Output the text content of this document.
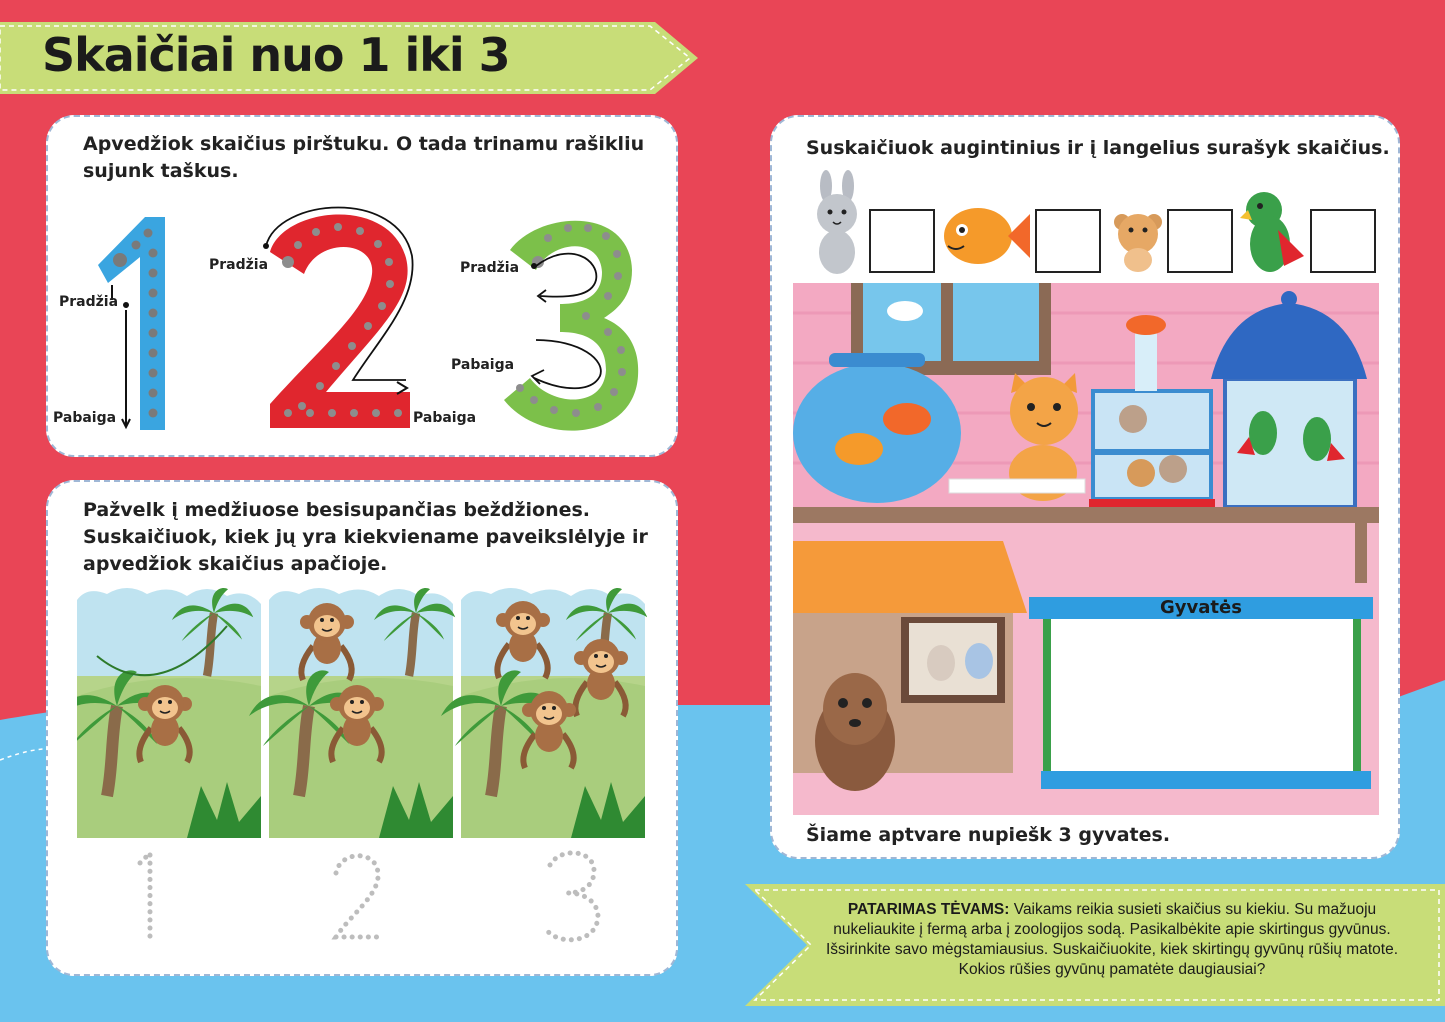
Skaičiai nuo 1 iki 3
Apvedžiok skaičius pirštuku. O tada trinamu rašikliu sujunk taškus.
Pradžia
Pabaiga
Pradžia
Pabaiga
Pradžia
Pabaiga
Pažvelk į medžiuose besisupančias beždžiones. Suskaičiuok, kiek jų yra kiekviename paveikslėlyje ir apvedžiok skaičius apačioje.
Suskaičiuok augintinius ir į langelius surašyk skaičius.
Gyvatės
Šiame aptvare nupiešk 3 gyvates.
PATARIMAS TĖVAMS: Vaikams reikia susieti skaičius su kiekiu. Su mažuoju nukeliaukite į fermą arba į zoologijos sodą. Pasikalbėkite apie skirtingus gyvūnus. Išsirinkite savo mėgstamiausius. Suskaičiuokite, kiek skirtingų gyvūnų rūšių matote. Kokios rūšies gyvūnų pamatėte daugiausiai?
